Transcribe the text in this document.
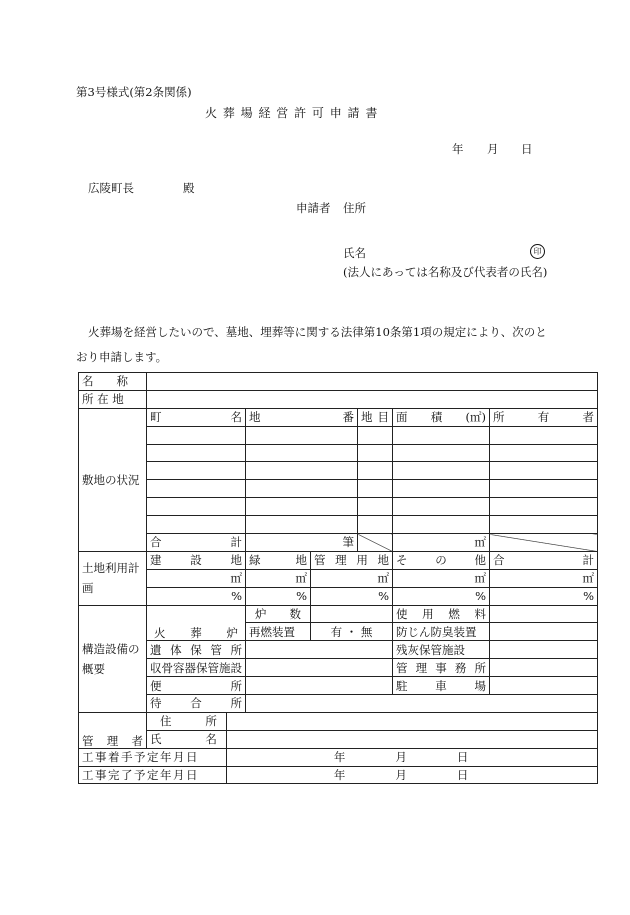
第3号様式(第2条関係)
火 葬 場 経 営 許 可 申 請 書
年 月 日
広陵町長	殿
申請者 住所
氏名	印
(法人にあっては名称及び代表者の氏名)
火葬場を経営したいので、墓地、埋葬等に関する法律第10条第1項の規定により、次のと
おり申請します。
名　　称							
所 在 地							
敷地の状況	町 名		地 番		地 目	面 積 (㎡)	所 有 者

	合 計		筆			㎡	
土地利用計画	建 設 地		緑 地	管 理 用 地		そ の 他	合 計

	㎡		㎡	㎡		㎡	㎡
	%		%	%		%	%
構造設備の概要	火 葬 炉		炉 数			使 用 燃 料	

			再燃装置	有 ・ 無		防じん防臭装置	

	遺 体 保 管 所					残灰保管施設	
	収骨容器保管施設					管 理 事 務 所	

	便 所					駐 車 場	

	待 合 所						

管 理 者	住 所						

	氏 名						

工事着手予定年月日		年 月 日					
工事完了予定年月日		年 月 日					
